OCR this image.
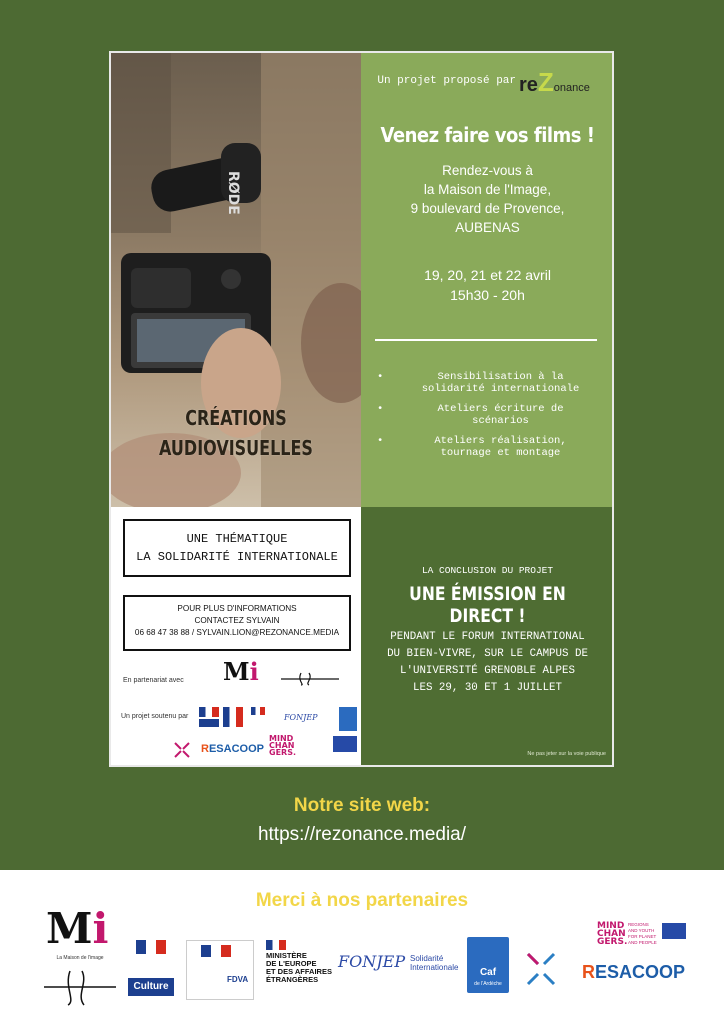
RØDE
CRÉATIONS
AUDIOVISUELLES
Un projet proposé par reZonance
Venez faire vos films !
Rendez-vous à
la Maison de l'Image,
9 boulevard de Provence,
AUBENAS
19, 20, 21 et 22 avril
15h30 - 20h
• Sensibilisation à la
solidarité internationale
• Ateliers écriture de
scénarios
• Ateliers réalisation,
tournage et montage
UNE THÉMATIQUE
LA SOLIDARITÉ INTERNATIONALE
POUR PLUS D'INFORMATIONS
CONTACTEZ SYLVAIN
06 68 47 38 88 / SYLVAIN.LION@REZONANCE.MEDIA
En partenariat avec
Un projet soutenu par
Mi
FONJEP
RESACOOP
MIND
CHAN
GERS.
LA CONCLUSION DU PROJET
UNE ÉMISSION EN DIRECT !
PENDANT LE FORUM INTERNATIONAL
DU BIEN-VIVRE, SUR LE CAMPUS DE
L'UNIVERSITÉ GRENOBLE ALPES
LES 29, 30 ET 1 JUILLET
Ne pas jeter sur la voie publique
Notre site web:
https://rezonance.media/
Merci à nos partenaires
Mi
La Maison de l'image
Culture
FDVA
MINISTÈRE
DE L'EUROPE
ET DES AFFAIRES
ÉTRANGÈRES
FONJEP Solidarité
Internationale	Caf
de l'Ardèche
MIND
CHAN
GERS.
REGIONS
AND YOUTH
FOR PLANET
AND PEOPLE
RESACOOP
